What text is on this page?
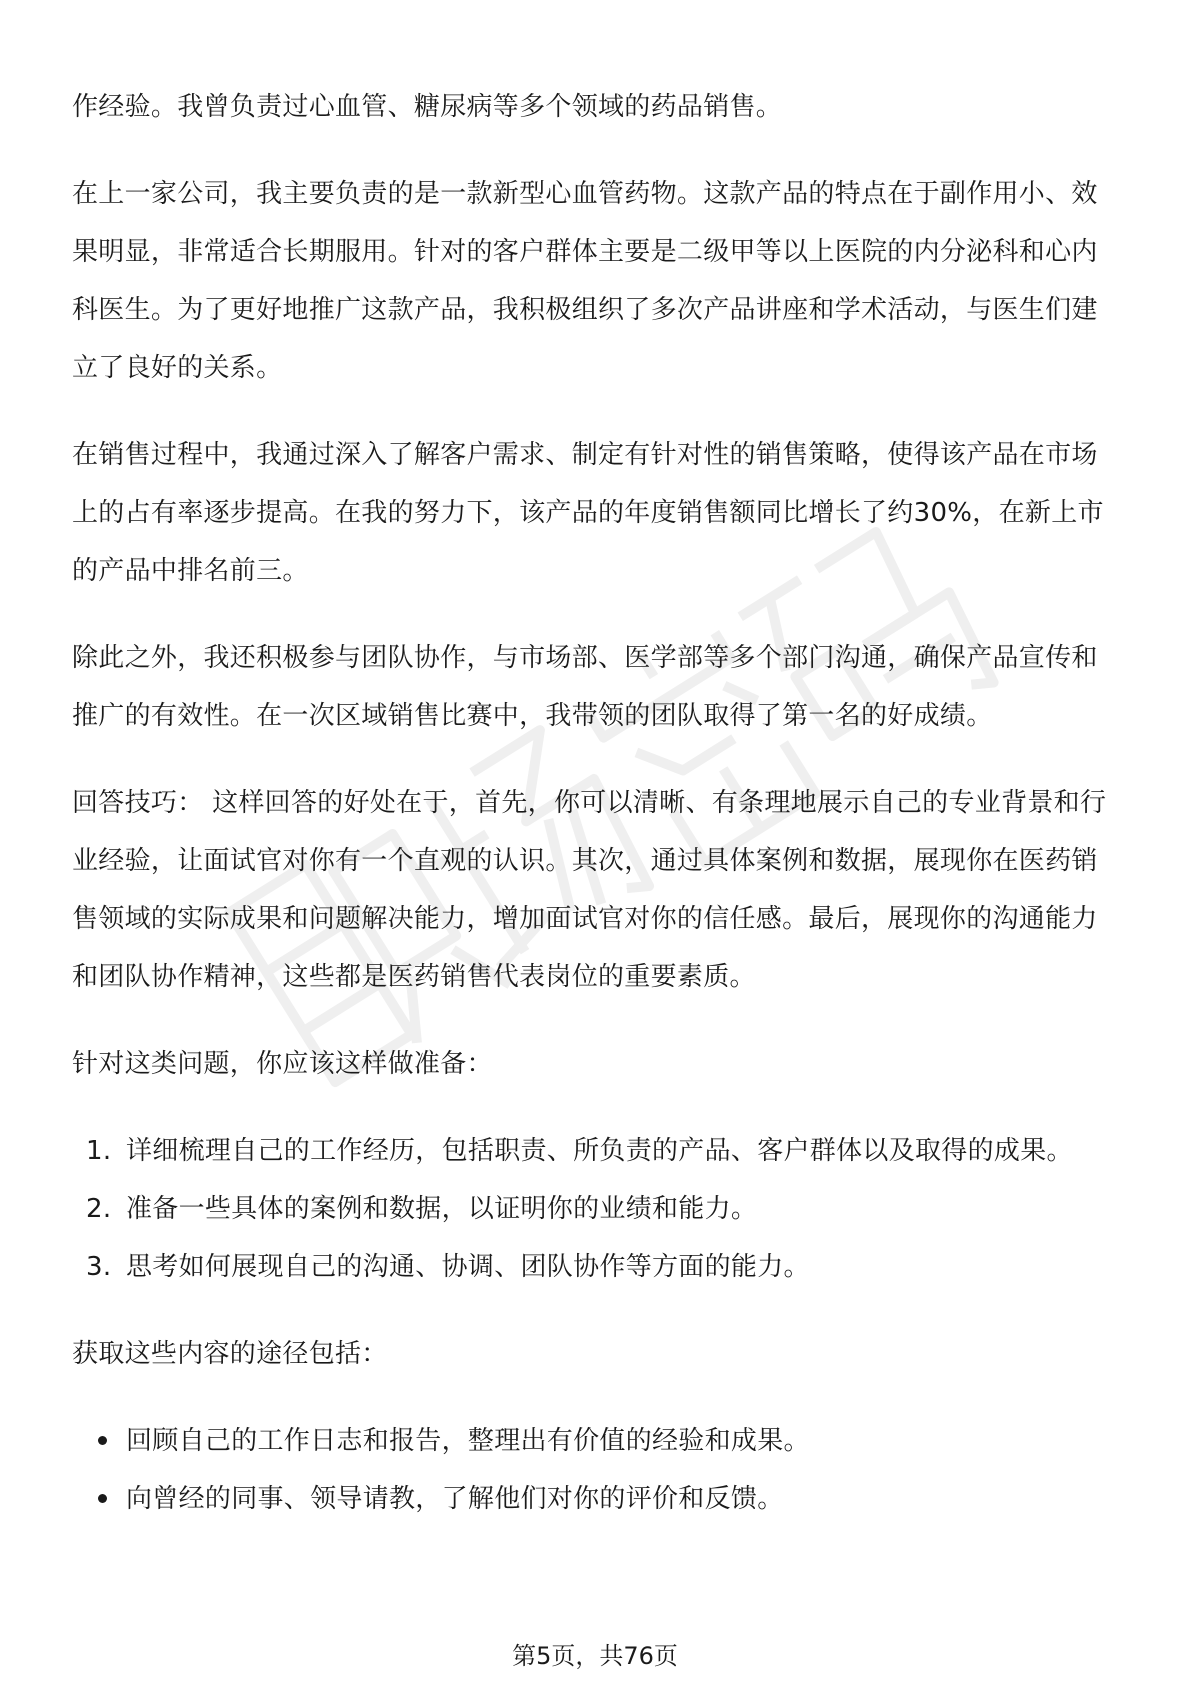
作经验。我曾负责过心血管、糖尿病等多个领域的药品销售。

在上一家公司，我主要负责的是一款新型心血管药物。这款产品的特点在于副作用小、效果明显，非常适合长期服用。针对的客户群体主要是二级甲等以上医院的内分泌科和心内科医生。为了更好地推广这款产品，我积极组织了多次产品讲座和学术活动，与医生们建立了良好的关系。

在销售过程中，我通过深入了解客户需求、制定有针对性的销售策略，使得该产品在市场上的占有率逐步提高。在我的努力下，该产品的年度销售额同比增长了约30%，在新上市的产品中排名前三。

除此之外，我还积极参与团队协作，与市场部、医学部等多个部门沟通，确保产品宣传和推广的有效性。在一次区域销售比赛中，我带领的团队取得了第一名的好成绩。

回答技巧： 这样回答的好处在于，首先，你可以清晰、有条理地展示自己的专业背景和行业经验，让面试官对你有一个直观的认识。其次，通过具体案例和数据，展现你在医药销售领域的实际成果和问题解决能力，增加面试官对你的信任感。最后，展现你的沟通能力和团队协作精神，这些都是医药销售代表岗位的重要素质。

针对这类问题，你应该这样做准备：

1. 详细梳理自己的工作经历，包括职责、所负责的产品、客户群体以及取得的成果。
2. 准备一些具体的案例和数据，以证明你的业绩和能力。
3. 思考如何展现自己的沟通、协调、团队协作等方面的能力。

获取这些内容的途径包括：

回顾自己的工作日志和报告，整理出有价值的经验和成果。
向曾经的同事、领导请教，了解他们对你的评价和反馈。
第5页，共76页
